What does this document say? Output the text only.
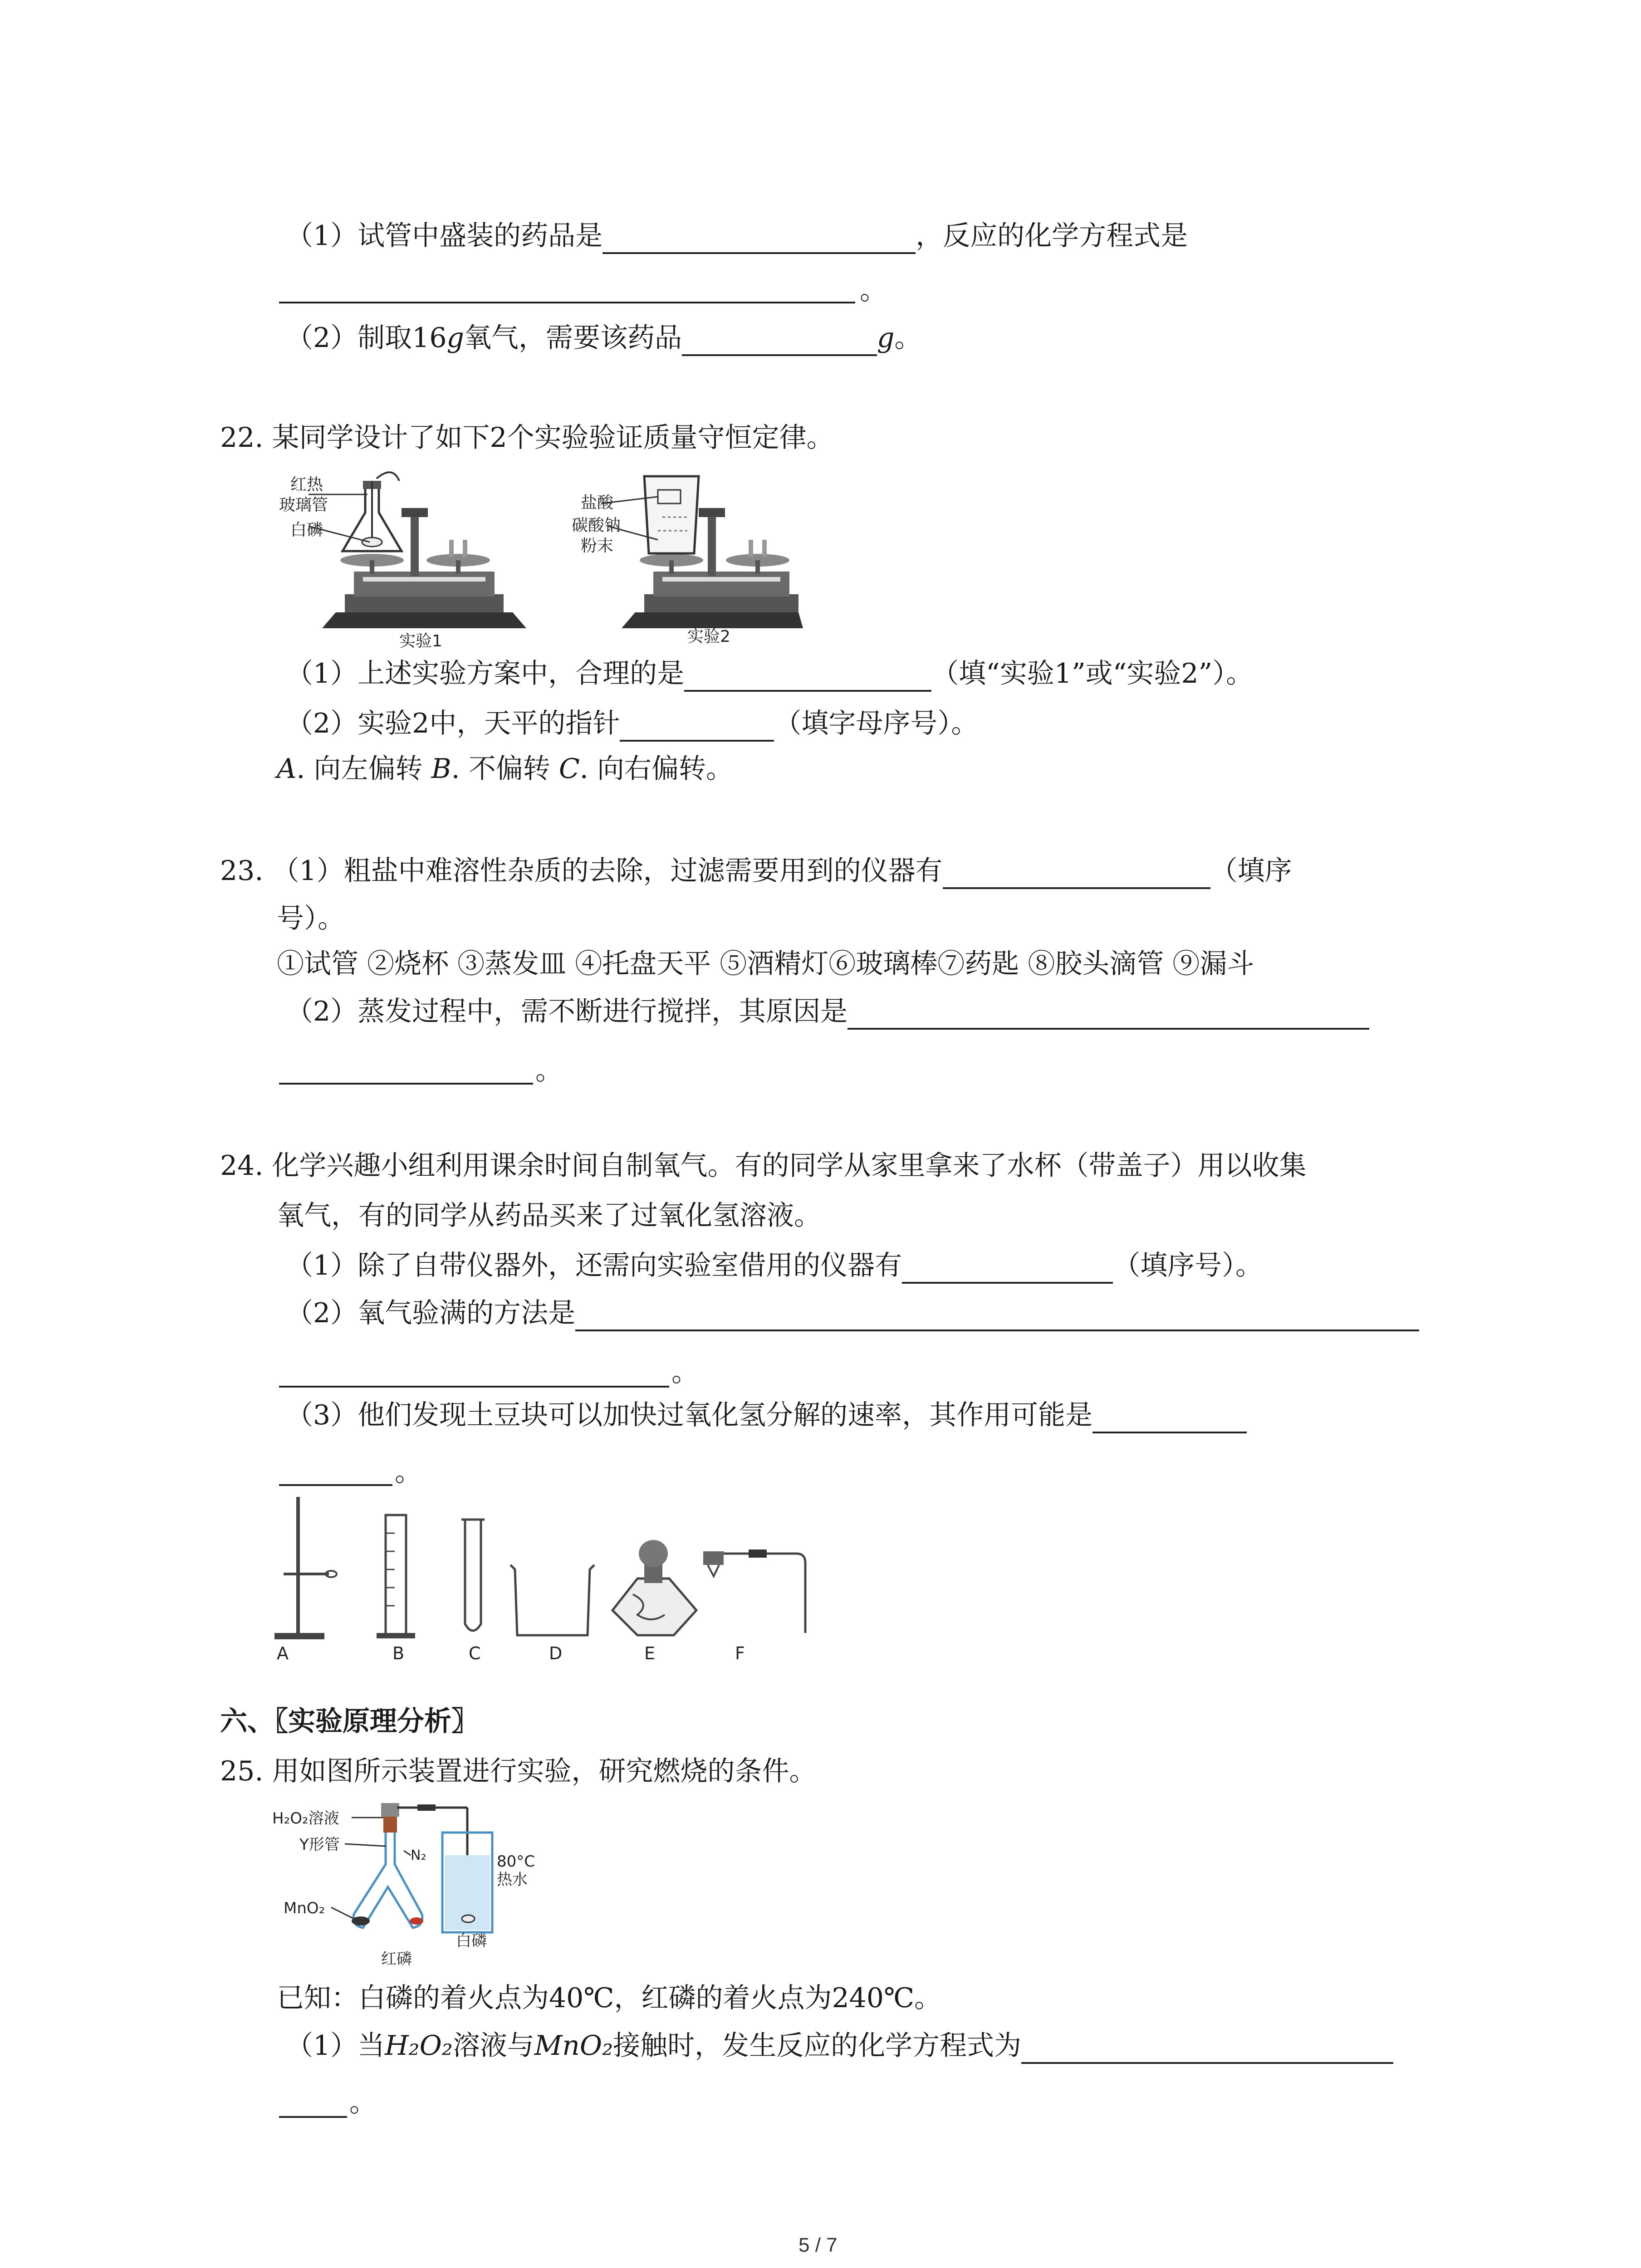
（1）试管中盛装的药品是	，反应的化学方程式是
。
（2）制取16g氧气，需要该药品	g。
22. 某同学设计了如下2个实验验证质量守恒定律。
红热
玻璃管
白磷
实验1
盐酸
碳酸钠
粉末
实验2
（1）上述实验方案中，合理的是	（填“实验1”或“实验2”）。
（2）实验2中，天平的指针	（填字母序号）。
A. 向左偏转 B. 不偏转 C. 向右偏转。
23. （1）粗盐中难溶性杂质的去除，过滤需要用到的仪器有	（填序
号）。
①试管 ②烧杯 ③蒸发皿 ④托盘天平 ⑤酒精灯⑥玻璃棒⑦药匙 ⑧胶头滴管 ⑨漏斗
（2）蒸发过程中，需不断进行搅拌，其原因是
。
24. 化学兴趣小组利用课余时间自制氧气。有的同学从家里拿来了水杯（带盖子）用以收集
氧气，有的同学从药品买来了过氧化氢溶液。
（1）除了自带仪器外，还需向实验室借用的仪器有	（填序号）。
（2）氧气验满的方法是
。
（3）他们发现土豆块可以加快过氧化氢分解的速率，其作用可能是
。
A	B	C	D	E	F
六、〖实验原理分析〗
25. 用如图所示装置进行实验，研究燃烧的条件。
H₂O₂溶液
Y形管
N₂	80°C
热水
MnO₂
白磷
红磷
已知：白磷的着火点为40℃，红磷的着火点为240℃。
（1）当H₂O₂溶液与MnO₂接触时，发生反应的化学方程式为
。
5 / 7
